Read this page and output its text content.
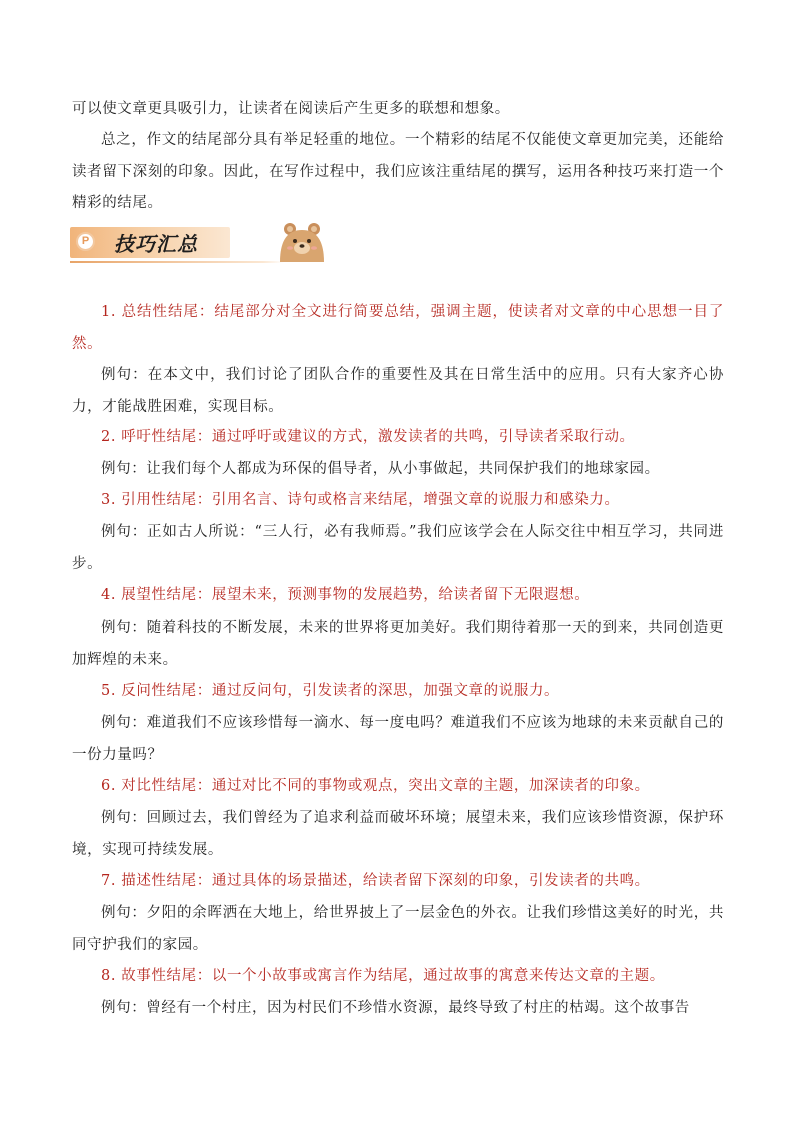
可以使文章更具吸引力，让读者在阅读后产生更多的联想和想象。

总之，作文的结尾部分具有举足轻重的地位。一个精彩的结尾不仅能使文章更加完美，还能给读者留下深刻的印象。因此，在写作过程中，我们应该注重结尾的撰写，运用各种技巧来打造一个精彩的结尾。

P 技巧汇总

1. 总结性结尾：结尾部分对全文进行简要总结，强调主题，使读者对文章的中心思想一目了然。

例句：在本文中，我们讨论了团队合作的重要性及其在日常生活中的应用。只有大家齐心协力，才能战胜困难，实现目标。

2. 呼吁性结尾：通过呼吁或建议的方式，激发读者的共鸣，引导读者采取行动。

例句：让我们每个人都成为环保的倡导者，从小事做起，共同保护我们的地球家园。

3. 引用性结尾：引用名言、诗句或格言来结尾，增强文章的说服力和感染力。

例句：正如古人所说：“三人行，必有我师焉。”我们应该学会在人际交往中相互学习，共同进步。

4. 展望性结尾：展望未来，预测事物的发展趋势，给读者留下无限遐想。

例句：随着科技的不断发展，未来的世界将更加美好。我们期待着那一天的到来，共同创造更加辉煌的未来。

5. 反问性结尾：通过反问句，引发读者的深思，加强文章的说服力。

例句：难道我们不应该珍惜每一滴水、每一度电吗？难道我们不应该为地球的未来贡献自己的一份力量吗？

6. 对比性结尾：通过对比不同的事物或观点，突出文章的主题，加深读者的印象。

例句：回顾过去，我们曾经为了追求利益而破坏环境；展望未来，我们应该珍惜资源，保护环境，实现可持续发展。

7. 描述性结尾：通过具体的场景描述，给读者留下深刻的印象，引发读者的共鸣。

例句：夕阳的余晖洒在大地上，给世界披上了一层金色的外衣。让我们珍惜这美好的时光，共同守护我们的家园。

8. 故事性结尾：以一个小故事或寓言作为结尾，通过故事的寓意来传达文章的主题。

例句：曾经有一个村庄，因为村民们不珍惜水资源，最终导致了村庄的枯竭。这个故事告
